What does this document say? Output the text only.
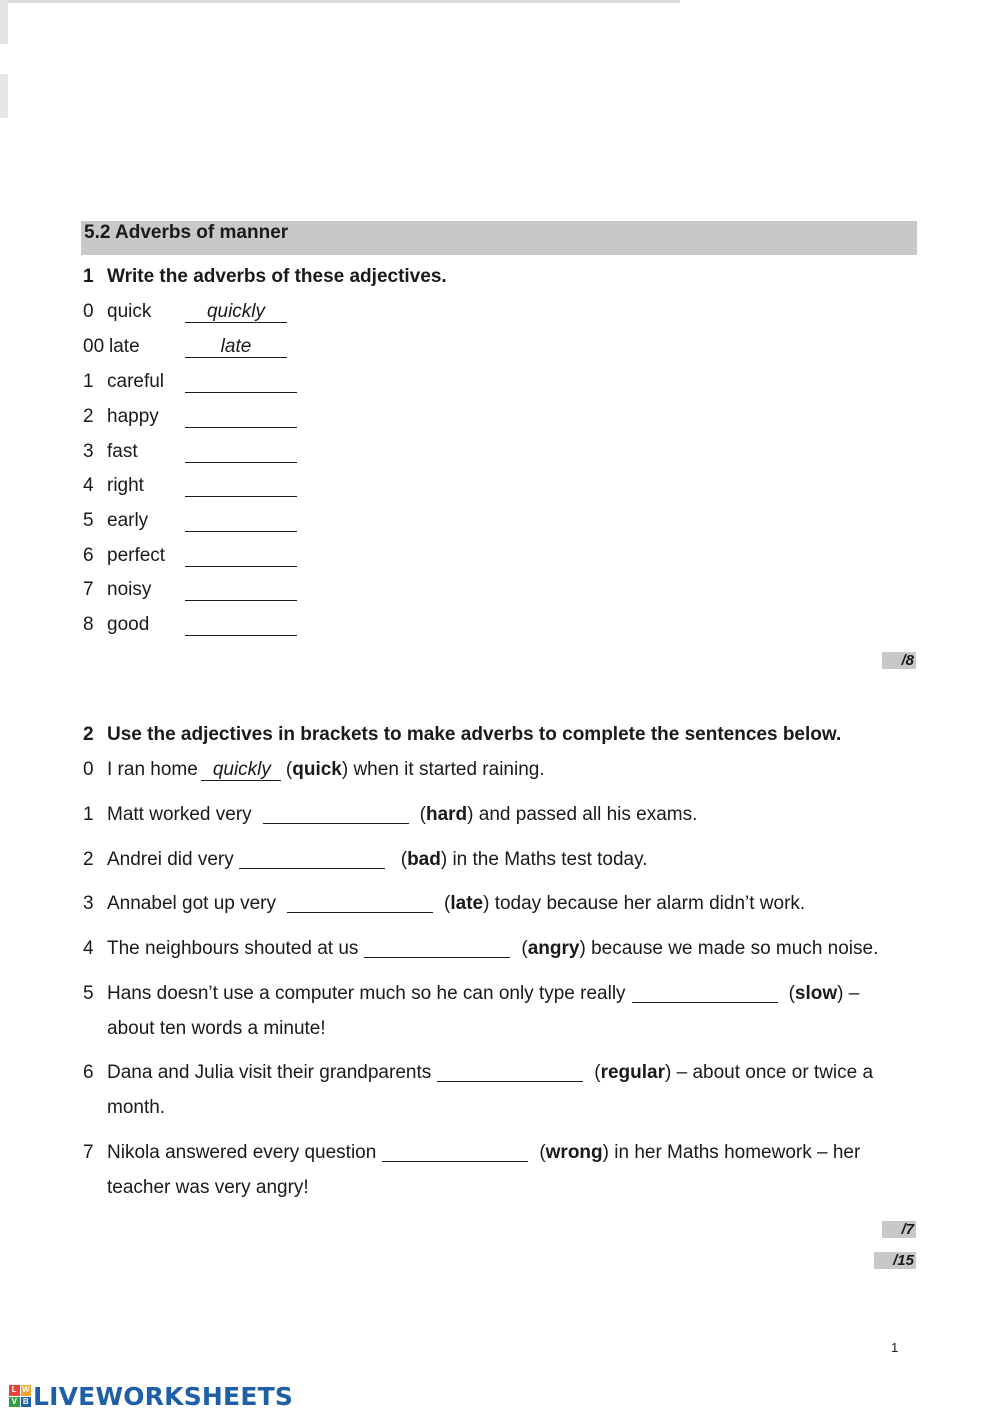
5.2 Adverbs of manner
1 Write the adverbs of these adjectives.
0 quick	quickly
00 late	late
1 careful
2 happy
3 fast
4 right
5 early
6 perfect
7 noisy
8 good
/8
2 Use the adjectives in brackets to make adverbs to complete the sentences below.
0 I ran home quickly (quick) when it started raining.
1 Matt worked very	(hard) and passed all his exams.
2 Andrei did very	(bad) in the Maths test today.
3 Annabel got up very	(late) today because her alarm didn’t work.
4 The neighbours shouted at us	(angry) because we made so much noise.
5 Hans doesn’t use a computer much so he can only type really	(slow) –
about ten words a minute!
6 Dana and Julia visit their grandparents	(regular) – about once or twice a
month.
7 Nikola answered every question	(wrong) in her Maths homework – her
teacher was very angry!
/7
/15
1
L W
V B LIVEWORKSHEETS
